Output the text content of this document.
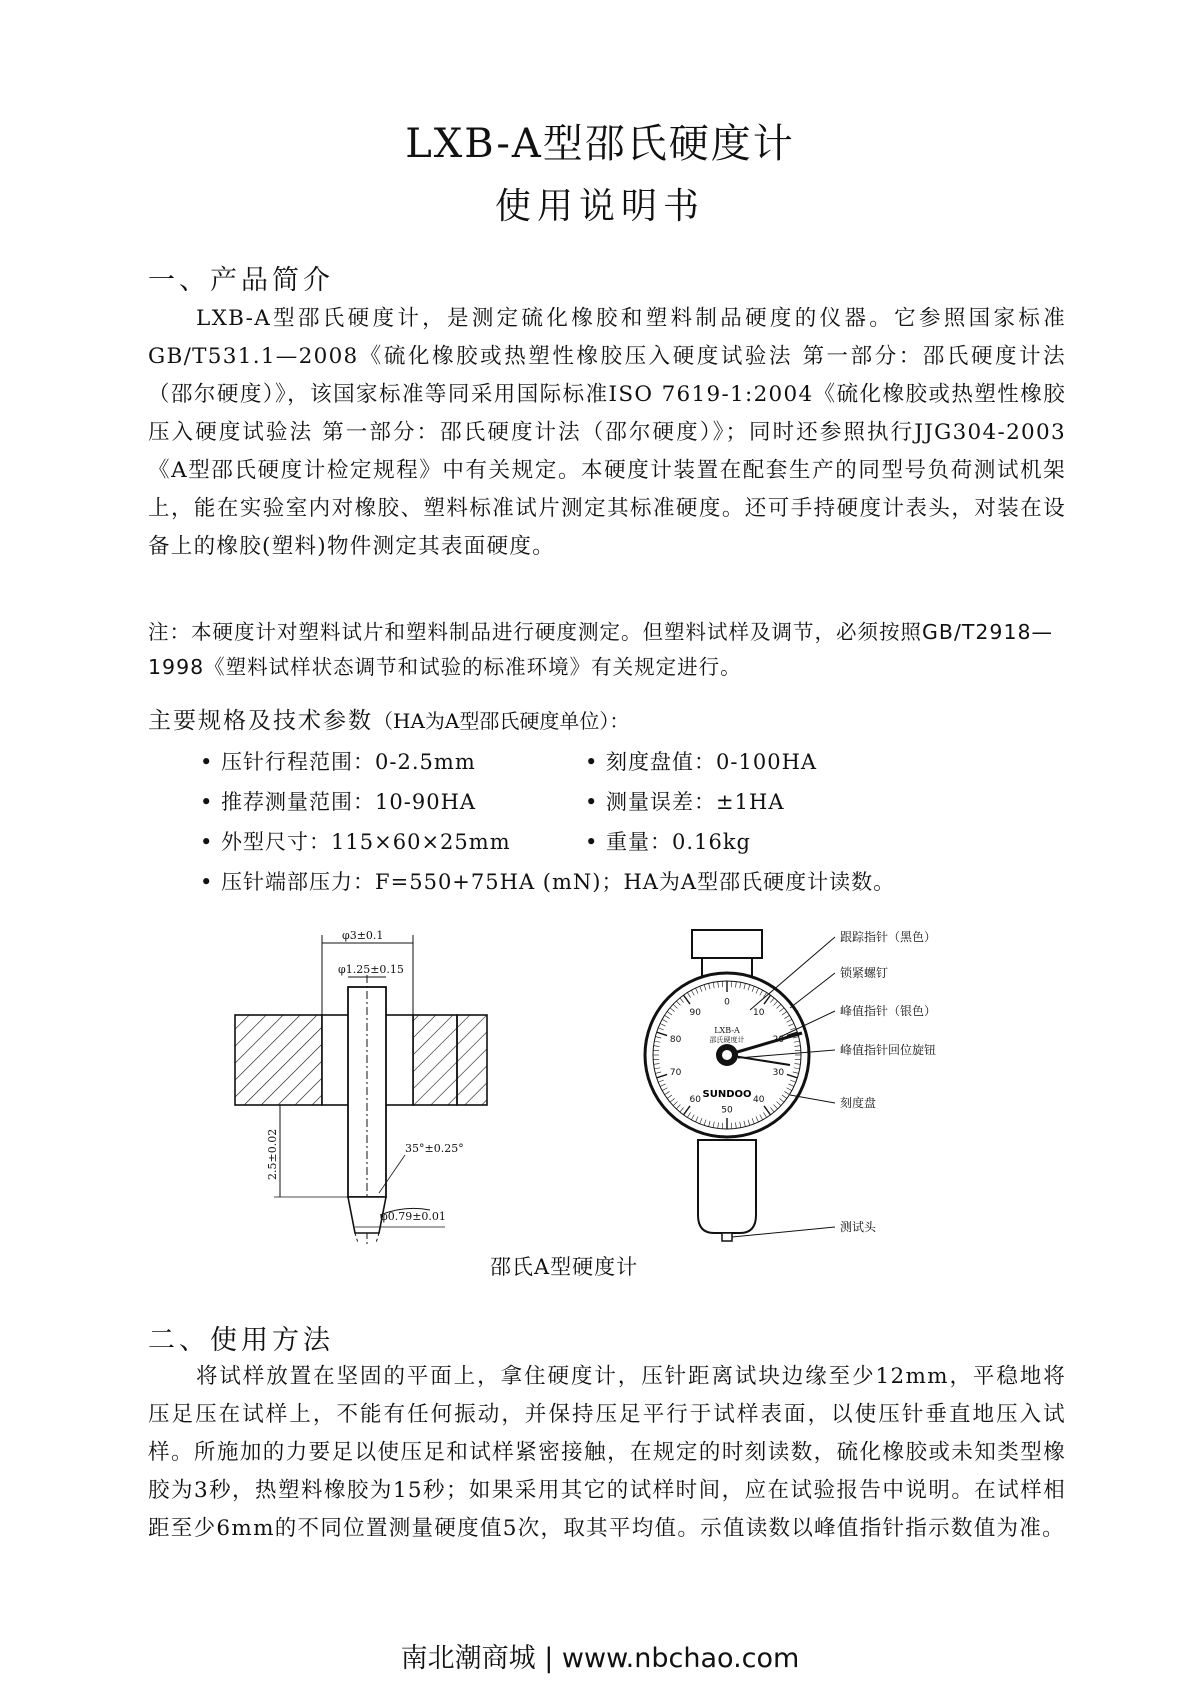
LXB-A型邵氏硬度计
使用说明书
一、产品简介

LXB-A型邵氏硬度计，是测定硫化橡胶和塑料制品硬度的仪器。它参照国家标准GB/T531.1—2008《硫化橡胶或热塑性橡胶压入硬度试验法 第一部分：邵氏硬度计法（邵尔硬度）》，该国家标准等同采用国际标准ISO 7619-1:2004《硫化橡胶或热塑性橡胶压入硬度试验法 第一部分：邵氏硬度计法（邵尔硬度）》；同时还参照执行JJG304-2003《A型邵氏硬度计检定规程》中有关规定。本硬度计装置在配套生产的同型号负荷测试机架上，能在实验室内对橡胶、塑料标准试片测定其标准硬度。还可手持硬度计表头，对装在设备上的橡胶(塑料)物件测定其表面硬度。

注：本硬度计对塑料试片和塑料制品进行硬度测定。但塑料试样及调节，必须按照GB/T2918—1998《塑料试样状态调节和试验的标准环境》有关规定进行。
主要规格及技术参数（HA为A型邵氏硬度单位）：
• 压针行程范围：0-2.5mm	• 刻度盘值：0-100HA
• 推荐测量范围：10-90HA	• 测量误差：±1HA
• 外型尺寸：115×60×25mm	• 重量：0.16kg
• 压针端部压力：F=550+75HA (mN)；HA为A型邵氏硬度计读数。
φ3±0.1
φ1.25±0.15
2.5±0.02	35°±0.25°
φ0.79±0.01
0
10
30
40
50
60
70
80
90
LXB-A
邵氏硬度计
SUNDOO
跟踪指针（黑色）
锁紧螺钉
峰值指针（银色）
峰值指针回位旋钮
刻度盘
测试头
邵氏A型硬度计
二、使用方法

将试样放置在坚固的平面上，拿住硬度计，压针距离试块边缘至少12mm，平稳地将压足压在试样上，不能有任何振动，并保持压足平行于试样表面，以使压针垂直地压入试样。所施加的力要足以使压足和试样紧密接触，在规定的时刻读数，硫化橡胶或未知类型橡胶为3秒，热塑料橡胶为15秒；如果采用其它的试样时间，应在试验报告中说明。在试样相距至少6mm的不同位置测量硬度值5次，取其平均值。示值读数以峰值指针指示数值为准。

南北潮商城 | www.nbchao.com
